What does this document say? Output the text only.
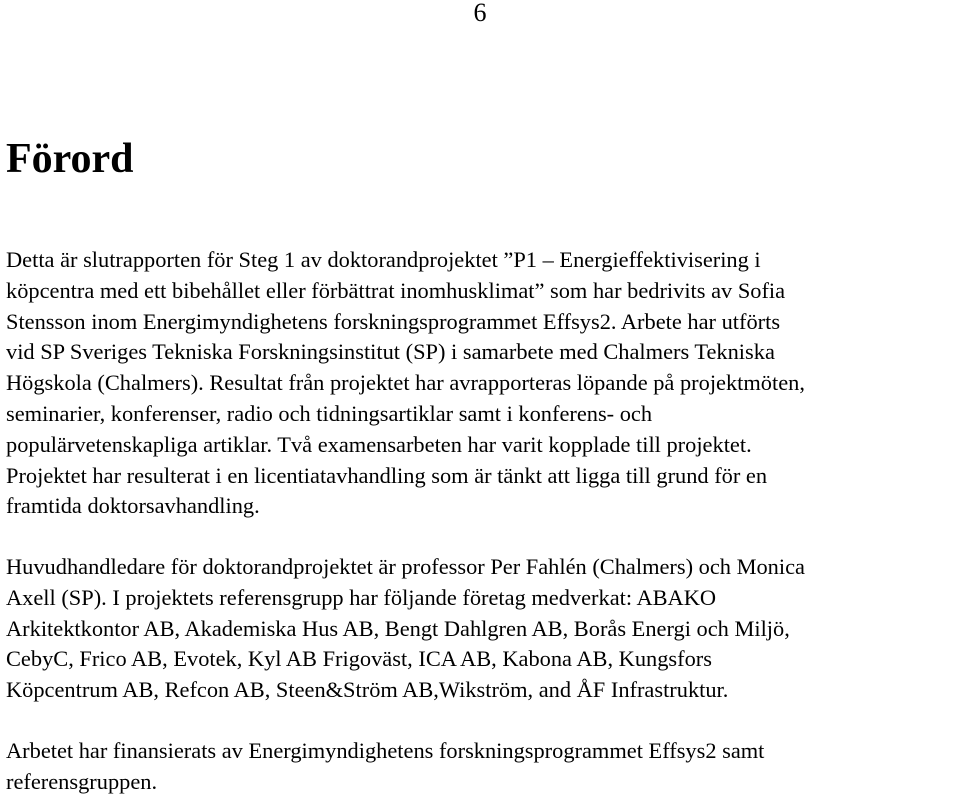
6
Förord

Detta är slutrapporten för Steg 1 av doktorandprojektet ”P1 – Energieffektivisering i
köpcentra med ett bibehållet eller förbättrat inomhusklimat” som har bedrivits av Sofia
Stensson inom Energimyndighetens forskningsprogrammet Effsys2. Arbete har utförts
vid SP Sveriges Tekniska Forskningsinstitut (SP) i samarbete med Chalmers Tekniska
Högskola (Chalmers). Resultat från projektet har avrapporteras löpande på projektmöten,
seminarier, konferenser, radio och tidningsartiklar samt i konferens- och
populärvetenskapliga artiklar. Två examensarbeten har varit kopplade till projektet.
Projektet har resulterat i en licentiatavhandling som är tänkt att ligga till grund för en
framtida doktorsavhandling.

Huvudhandledare för doktorandprojektet är professor Per Fahlén (Chalmers) och Monica
Axell (SP). I projektets referensgrupp har följande företag medverkat: ABAKO
Arkitektkontor AB, Akademiska Hus AB, Bengt Dahlgren AB, Borås Energi och Miljö,
CebyC, Frico AB, Evotek, Kyl AB Frigoväst, ICA AB, Kabona AB, Kungsfors
Köpcentrum AB, Refcon AB, Steen&Ström AB,Wikström, and ÅF Infrastruktur.

Arbetet har finansierats av Energimyndighetens forskningsprogrammet Effsys2 samt
referensgruppen.
